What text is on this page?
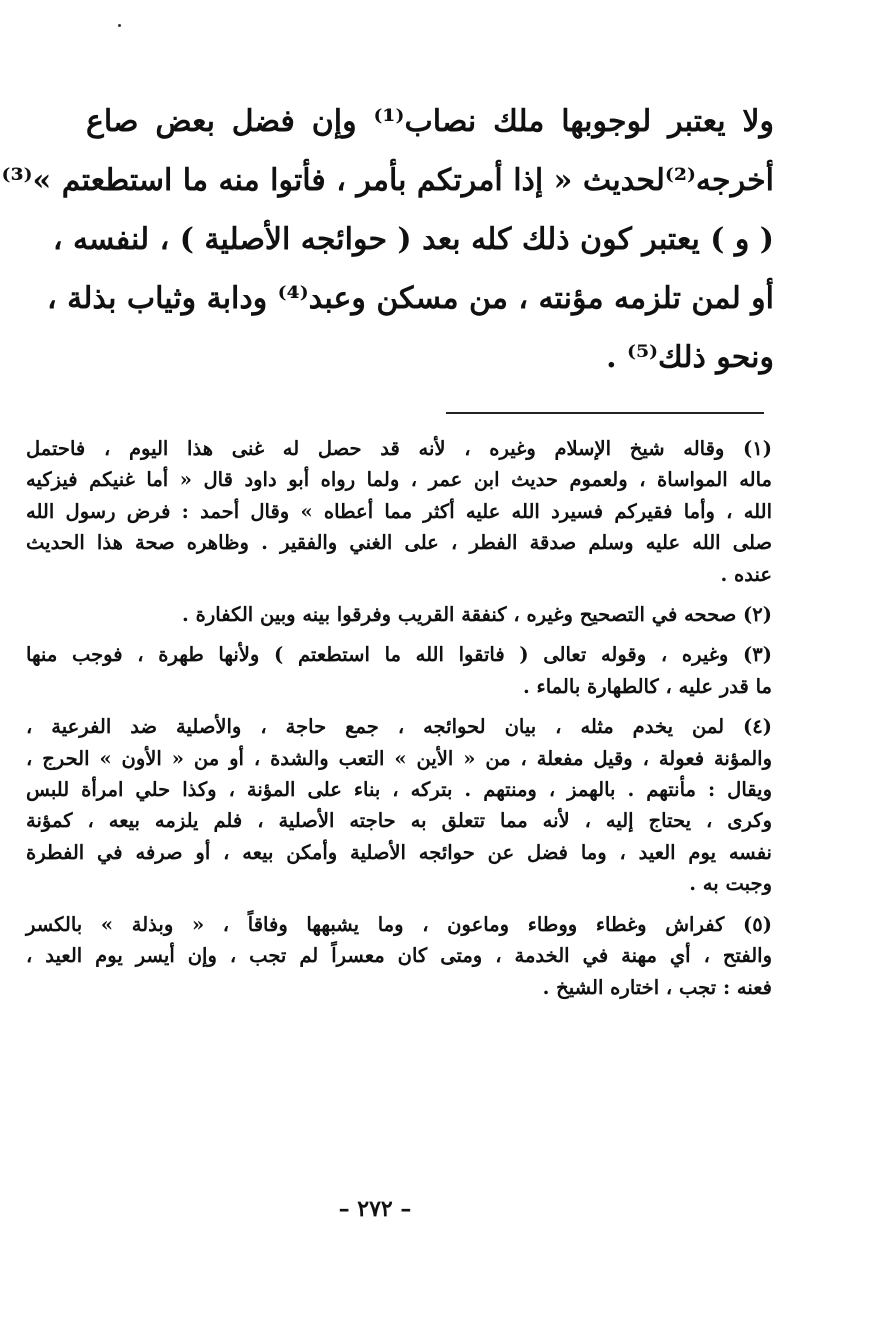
ولا يعتبر لوجوبها ملك نصاب⁽¹⁾ وإن فضل بعض صاع
أخرجه⁽²⁾لحديث « إذا أمرتكم بأمر ، فأتوا منه ما استطعتم »⁽³⁾
( و ) يعتبر كون ذلك كله بعد ( حوائجه الأصلية ) ، لنفسه ،
أو لمن تلزمه مؤنته ، من مسكن وعبد⁽⁴⁾ ودابة وثياب بذلة ،
ونحو ذلك⁽⁵⁾ .
(١) وقاله شيخ الإسلام وغيره ، لأنه قد حصل له غنى هذا اليوم ، فاحتمل
ماله المواساة ، ولعموم حديث ابن عمر ، ولما رواه أبو داود قال « أما غنيكم فيزكيه
الله ، وأما فقيركم فسيرد الله عليه أكثر مما أعطاه » وقال أحمد : فرض رسول الله
صلى الله عليه وسلم صدقة الفطر ، على الغني والفقير . وظاهره صحة هذا الحديث
عنده .
(٢) صححه في التصحيح وغيره ، كنفقة القريب وفرقوا بينه وبين الكفارة .
(٣) وغيره ، وقوله تعالى ( فاتقوا الله ما استطعتم ) ولأنها طهرة ، فوجب منها
ما قدر عليه ، كالطهارة بالماء .
(٤) لمن يخدم مثله ، بيان لحوائجه ، جمع حاجة ، والأصلية ضد الفرعية ،
والمؤنة فعولة ، وقيل مفعلة ، من « الأين » التعب والشدة ، أو من « الأون » الحرج ،
ويقال : مأنتهم . بالهمز ، ومنتهم . بتركه ، بناء على المؤنة ، وكذا حلي امرأة للبس
وكرى ، يحتاج إليه ، لأنه مما تتعلق به حاجته الأصلية ، فلم يلزمه بيعه ، كمؤنة
نفسه يوم العيد ، وما فضل عن حوائجه الأصلية وأمكن بيعه ، أو صرفه في الفطرة
وجبت به .
(٥) كفراش وغطاء ووطاء وماعون ، وما يشبهها وفاقاً ، « وبذلة » بالكسر
والفتح ، أي مهنة في الخدمة ، ومتى كان معسراً لم تجب ، وإن أيسر يوم العيد ،
فعنه : تجب ، اختاره الشيخ .
– ٢٧٢ –
